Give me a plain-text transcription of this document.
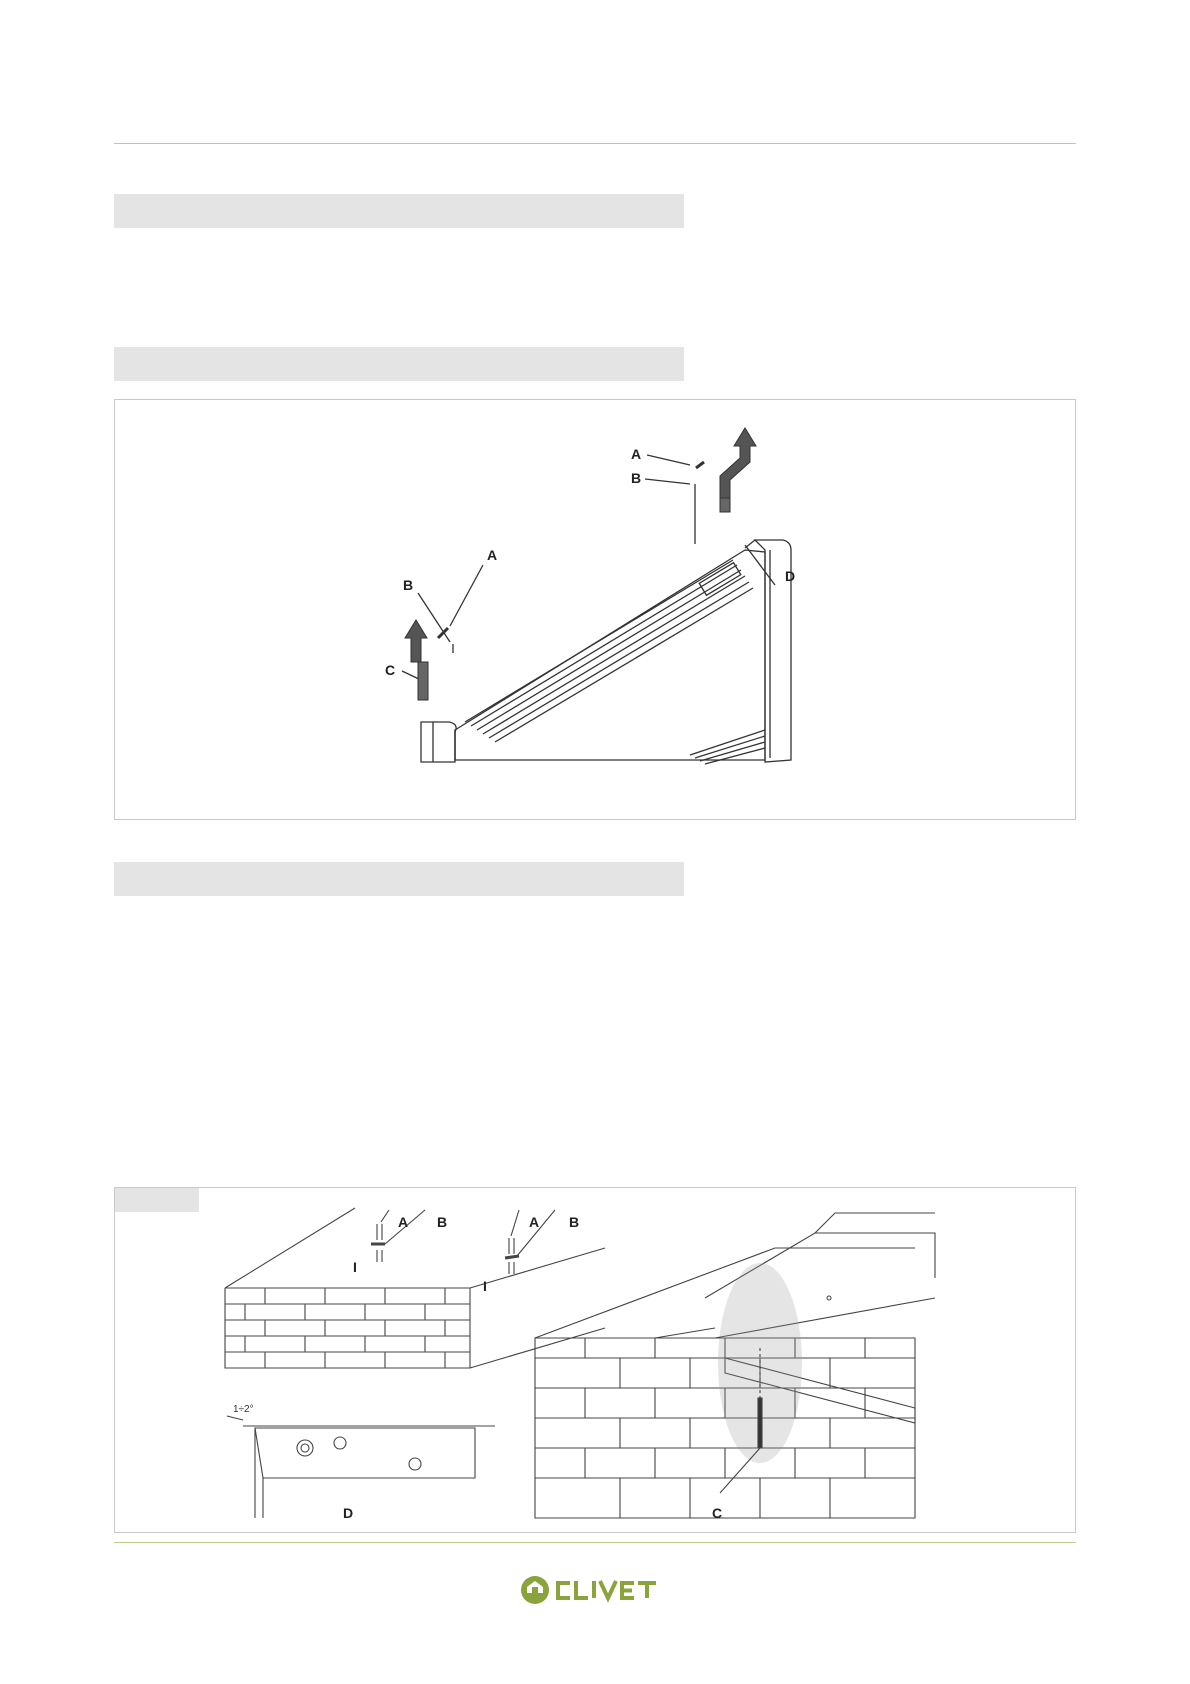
A
B
A
B
C
D
A B
I
A B
I
D	C
1÷2°
